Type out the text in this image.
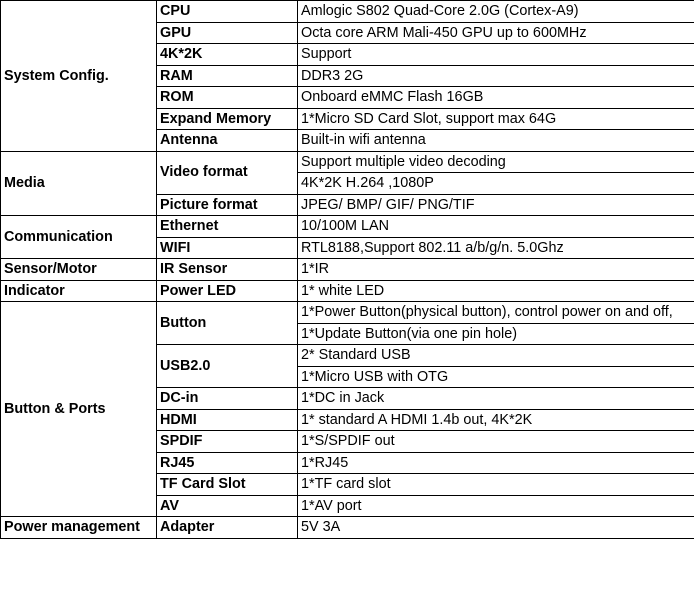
System Config.	CPU	Amlogic S802 Quad-Core 2.0G (Cortex-A9)
	GPU	Octa core ARM Mali-450 GPU up to 600MHz
	4K*2K	Support
	RAM	DDR3 2G
	ROM	Onboard eMMC Flash 16GB
	Expand Memory	1*Micro SD Card Slot, support max 64G
	Antenna	Built-in wifi antenna
Media	Video format	Support multiple video decoding
		4K*2K H.264 ,1080P
	Picture format	JPEG/ BMP/ GIF/ PNG/TIF
Communication	Ethernet	10/100M LAN
	WIFI	RTL8188,Support 802.11 a/b/g/n. 5.0Ghz
Sensor/Motor	IR Sensor	1*IR
Indicator	Power LED	1* white LED
Button & Ports	Button	1*Power Button(physical button), control power on and off,
		1*Update Button(via one pin hole)
	USB2.0	2* Standard USB
		1*Micro USB with OTG
	DC-in	1*DC in Jack
	HDMI	1* standard A HDMI 1.4b out, 4K*2K
	SPDIF	1*S/SPDIF out
	RJ45	1*RJ45
	TF Card Slot	1*TF card slot
	AV	1*AV port
Power management	Adapter	5V 3A
